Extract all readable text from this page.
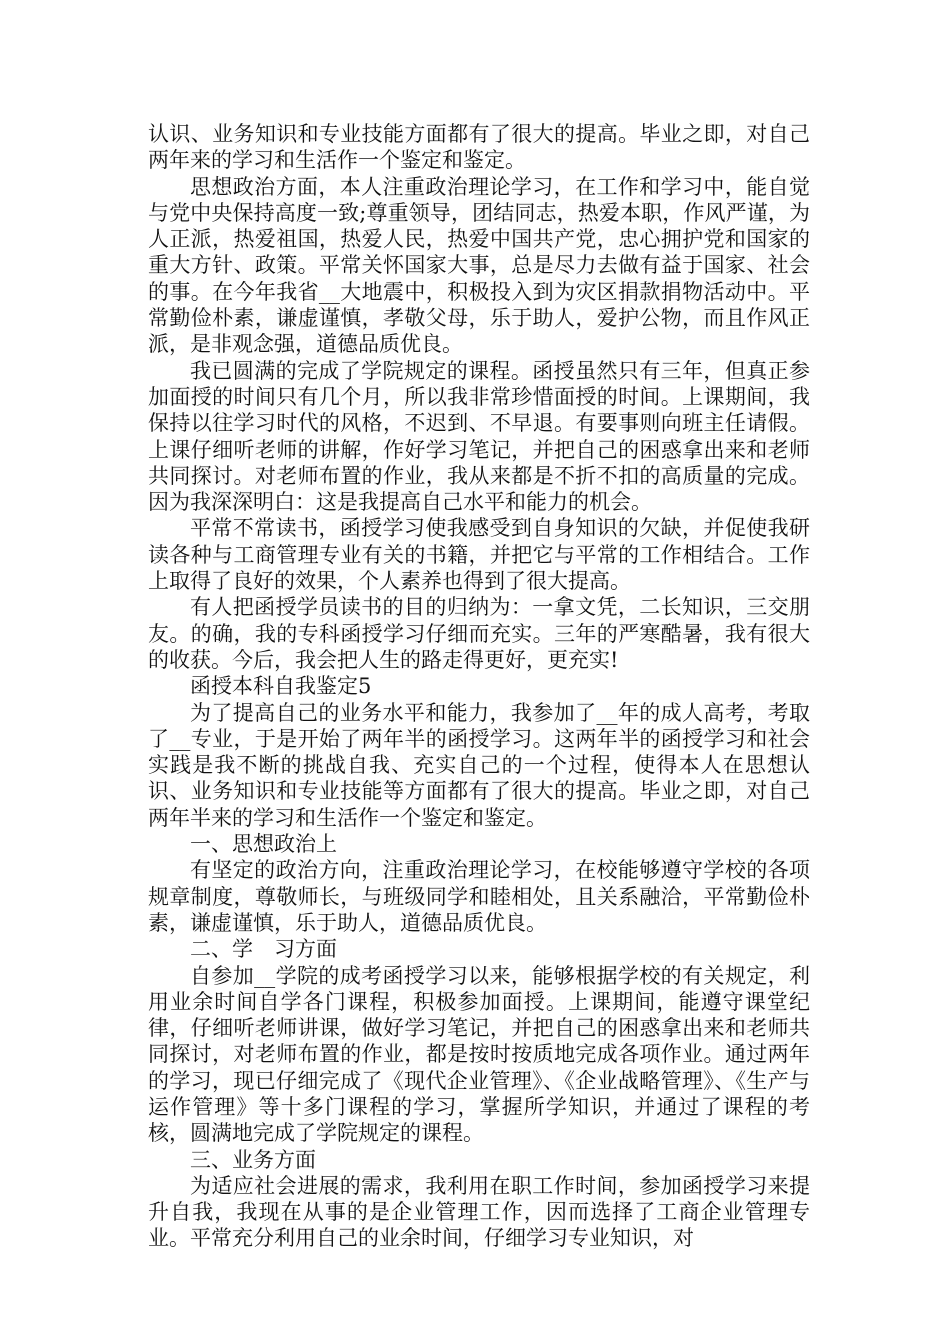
认识、业务知识和专业技能方面都有了很大的提高。毕业之即，对自己两年来的学习和生活作一个鉴定和鉴定。

思想政治方面，本人注重政治理论学习，在工作和学习中，能自觉与党中央保持高度一致;尊重领导，团结同志，热爱本职，作风严谨，为人正派，热爱祖国，热爱人民，热爱中国共产党，忠心拥护党和国家的重大方针、政策。平常关怀国家大事，总是尽力去做有益于国家、社会的事。在今年我省__大地震中，积极投入到为灾区捐款捐物活动中。平常勤俭朴素，谦虚谨慎，孝敬父母，乐于助人，爱护公物，而且作风正派，是非观念强，道德品质优良。

我已圆满的完成了学院规定的课程。函授虽然只有三年，但真正参加面授的时间只有几个月，所以我非常珍惜面授的时间。上课期间，我保持以往学习时代的风格，不迟到、不早退。有要事则向班主任请假。上课仔细听老师的讲解，作好学习笔记，并把自己的困惑拿出来和老师共同探讨。对老师布置的作业，我从来都是不折不扣的高质量的完成。因为我深深明白：这是我提高自己水平和能力的机会。

平常不常读书，函授学习使我感受到自身知识的欠缺，并促使我研读各种与工商管理专业有关的书籍，并把它与平常的工作相结合。工作上取得了良好的效果，个人素养也得到了很大提高。

有人把函授学员读书的目的归纳为：一拿文凭，二长知识，三交朋友。的确，我的专科函授学习仔细而充实。三年的严寒酷暑，我有很大的收获。今后，我会把人生的路走得更好，更充实!

函授本科自我鉴定5

为了提高自己的业务水平和能力，我参加了__年的成人高考，考取了__专业，于是开始了两年半的函授学习。这两年半的函授学习和社会实践是我不断的挑战自我、充实自己的一个过程，使得本人在思想认识、业务知识和专业技能等方面都有了很大的提高。毕业之即，对自己两年半来的学习和生活作一个鉴定和鉴定。

一、思想政治上

有坚定的政治方向，注重政治理论学习，在校能够遵守学校的各项规章制度，尊敬师长，与班级同学和睦相处，且关系融洽，平常勤俭朴素，谦虚谨慎，乐于助人，道德品质优良。

二、学　习方面

自参加__学院的成考函授学习以来，能够根据学校的有关规定，利用业余时间自学各门课程，积极参加面授。上课期间，能遵守课堂纪律，仔细听老师讲课，做好学习笔记，并把自己的困惑拿出来和老师共同探讨，对老师布置的作业，都是按时按质地完成各项作业。通过两年的学习，现已仔细完成了《现代企业管理》、《企业战略管理》、《生产与运作管理》等十多门课程的学习，掌握所学知识，并通过了课程的考核，圆满地完成了学院规定的课程。

三、业务方面

为适应社会进展的需求，我利用在职工作时间，参加函授学习来提升自我，我现在从事的是企业管理工作，因而选择了工商企业管理专业。平常充分利用自己的业余时间，仔细学习专业知识，对
